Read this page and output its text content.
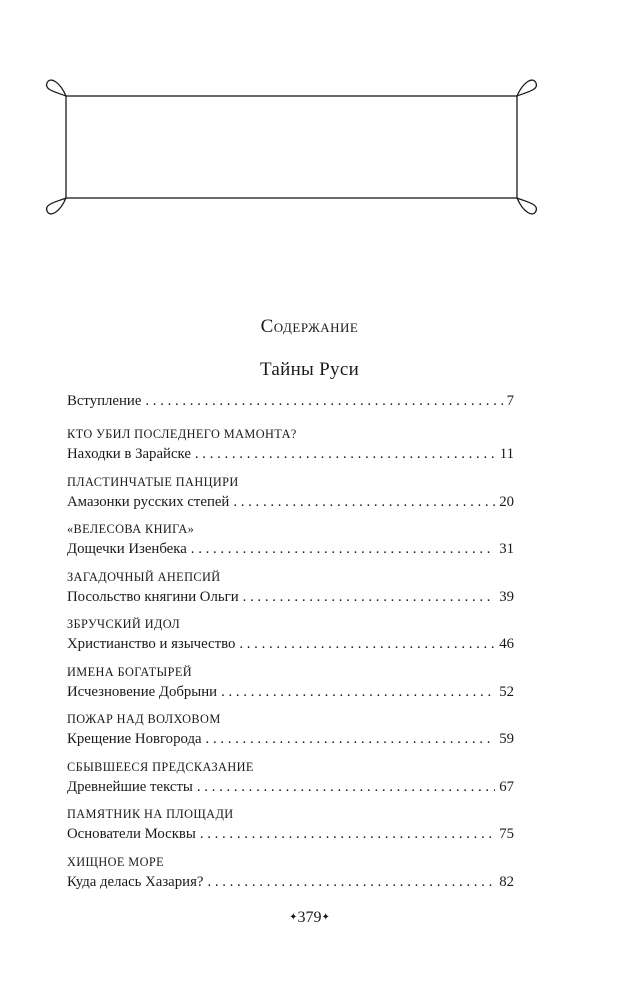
Содержание
Тайны Руси
Вступление . . .	7
КТО УБИЛ ПОСЛЕДНЕГО МАМОНТА?
Находки в Зарайске . . .	11
ПЛАСТИНЧАТЫЕ ПАНЦИРИ
Амазонки русских степей . . .	20
«ВЕЛЕСОВА КНИГА»
Дощечки Изенбека . . .	31
ЗАГАДОЧНЫЙ АНЕПСИЙ
Посольство княгини Ольги . . .	39
ЗБРУЧСКИЙ ИДОЛ
Христианство и язычество . . .	46
ИМЕНА БОГАТЫРЕЙ
Исчезновение Добрыни . . .	52
ПОЖАР НАД ВОЛХОВОМ
Крещение Новгорода . . .	59
СБЫВШЕЕСЯ ПРЕДСКАЗАНИЕ
Древнейшие тексты . . .	67
ПАМЯТНИК НА ПЛОЩАДИ
Основатели Москвы . . .	75
ХИЩНОЕ МОРЕ
Куда делась Хазария? . . .	82
✦379✦
